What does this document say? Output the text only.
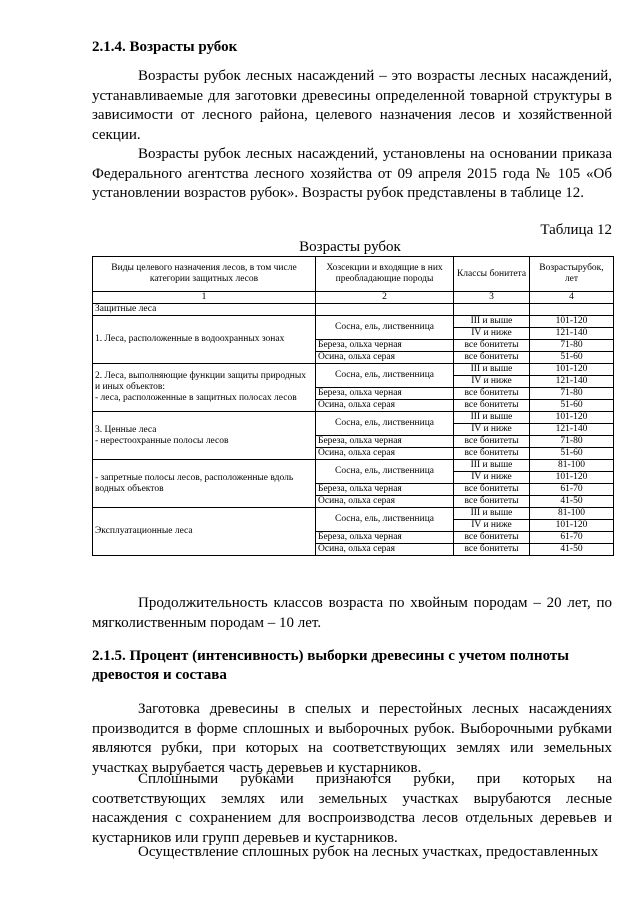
2.1.4. Возрасты рубок

Возрасты рубок лесных насаждений – это возрасты лесных насаждений, устанавливаемые для заготовки древесины определенной товарной структуры в зависимости от лесного района, целевого назначения лесов и хозяйственной секции.

Возрасты рубок лесных насаждений, установлены на основании приказа Федерального агентства лесного хозяйства от 09 апреля 2015 года № 105 «Об установлении возрастов рубок». Возрасты рубок представлены в таблице 12.

Таблица 12
Возрасты рубок
Виды целевого назначения лесов, в том числе категории защитных лесов	Хозсекции и входящие в них преобладающие породы	Классы бонитета	Возрастырубок, лет
1	2	3	4
Защитные леса			

1. Леса, расположенные в водоохранных зонах	Сосна, ель, лиственница	III и выше	101-120
		IV и ниже	121-140
	Береза, ольха черная	все бонитеты	71-80
	Осина, ольха серая	все бонитеты	51-60

2. Леса, выполняющие функции защиты природных и иных объектов:
- леса, расположенные в защитных полосах лесов	Сосна, ель, лиственница	III и выше	101-120
		IV и ниже	121-140
	Береза, ольха черная	все бонитеты	71-80
	Осина, ольха серая	все бонитеты	51-60

3. Ценные леса
- нерестоохранные полосы лесов	Сосна, ель, лиственница	III и выше	101-120
		IV и ниже	121-140
	Береза, ольха черная	все бонитеты	71-80
	Осина, ольха серая	все бонитеты	51-60

- запретные полосы лесов, расположенные вдоль водных объектов	Сосна, ель, лиственница	III и выше	81-100
		IV и ниже	101-120
	Береза, ольха черная	все бонитеты	61-70
	Осина, ольха серая	все бонитеты	41-50

Эксплуатационные леса	Сосна, ель, лиственница	III и выше	81-100
		IV и ниже	101-120
	Береза, ольха черная	все бонитеты	61-70
	Осина, ольха серая	все бонитеты	41-50

Продолжительность классов возраста по хвойным породам – 20 лет, по мягколиственным породам – 10 лет.

2.1.5. Процент (интенсивность) выборки древесины с учетом полноты древостоя и состава

Заготовка древесины в спелых и перестойных лесных насаждениях производится в форме сплошных и выборочных рубок. Выборочными рубками являются рубки, при которых на соответствующих землях или земельных участках вырубается часть деревьев и кустарников.

Сплошными рубками признаются рубки, при которых на соответствующих землях или земельных участках вырубаются лесные насаждения с сохранением для воспроизводства лесов отдельных деревьев и кустарников или групп деревьев и кустарников.

Осуществление сплошных рубок на лесных участках, предоставленных
